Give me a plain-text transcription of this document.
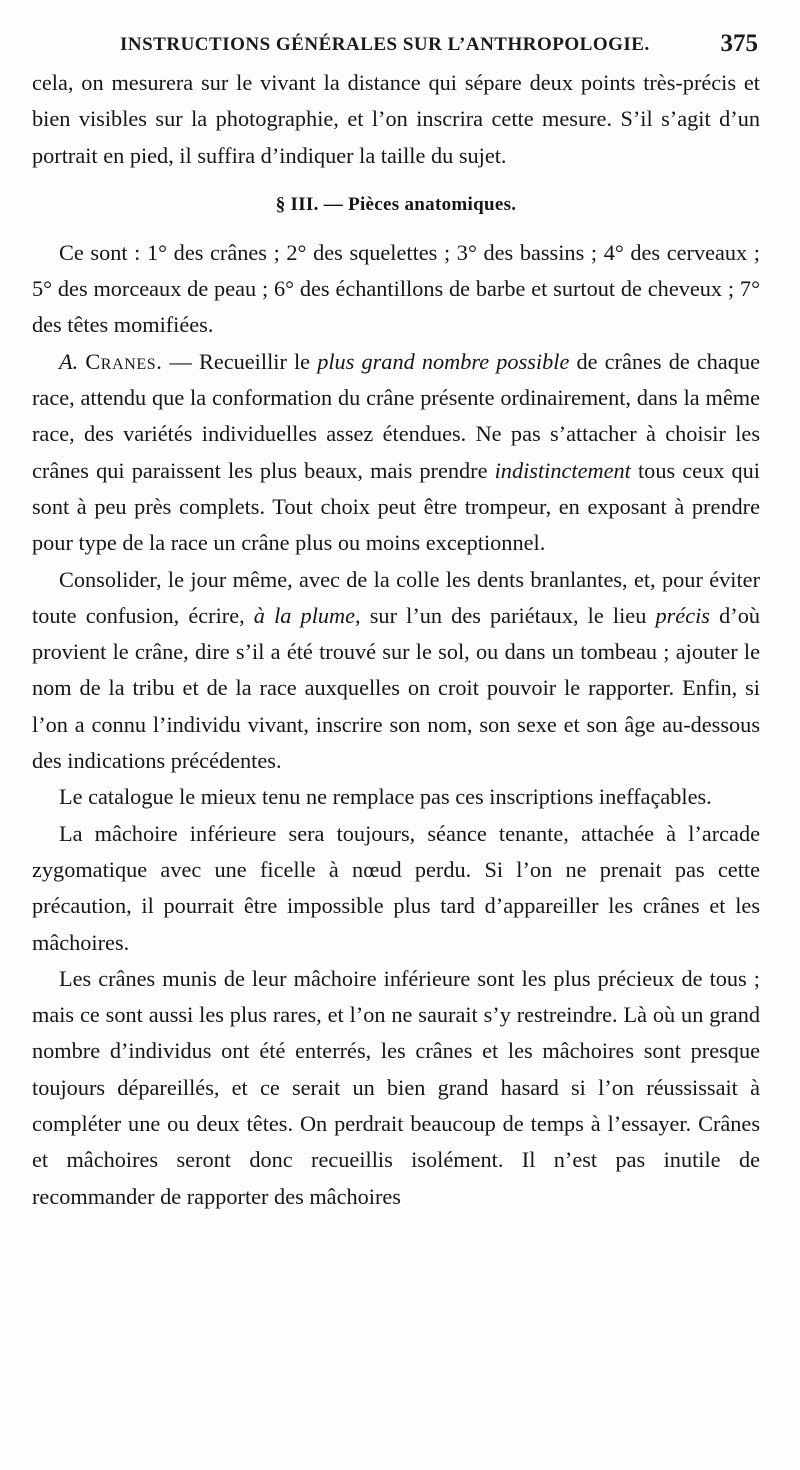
INSTRUCTIONS GÉNÉRALES SUR L’ANTHROPOLOGIE.	375

cela, on mesurera sur le vivant la distance qui sépare deux points très-précis et bien visibles sur la photographie, et l’on inscrira cette mesure. S’il s’agit d’un portrait en pied, il suffira d’indiquer la taille du sujet.

§ III. — Pièces anatomiques.

Ce sont : 1° des crânes ; 2° des squelettes ; 3° des bassins ; 4° des cerveaux ; 5° des morceaux de peau ; 6° des échantillons de barbe et surtout de cheveux ; 7° des têtes momifiées.

A. Cranes. — Recueillir le plus grand nombre possible de crânes de chaque race, attendu que la conformation du crâne présente ordinairement, dans la même race, des variétés individuelles assez étendues. Ne pas s’attacher à choisir les crânes qui paraissent les plus beaux, mais prendre indistinctement tous ceux qui sont à peu près complets. Tout choix peut être trompeur, en exposant à prendre pour type de la race un crâne plus ou moins exceptionnel.

Consolider, le jour même, avec de la colle les dents branlantes, et, pour éviter toute confusion, écrire, à la plume, sur l’un des pariétaux, le lieu précis d’où provient le crâne, dire s’il a été trouvé sur le sol, ou dans un tombeau ; ajouter le nom de la tribu et de la race auxquelles on croit pouvoir le rapporter. Enfin, si l’on a connu l’individu vivant, inscrire son nom, son sexe et son âge au-dessous des indications précédentes.

Le catalogue le mieux tenu ne remplace pas ces inscriptions ineffaçables.

La mâchoire inférieure sera toujours, séance tenante, attachée à l’arcade zygomatique avec une ficelle à nœud perdu. Si l’on ne prenait pas cette précaution, il pourrait être impossible plus tard d’appareiller les crânes et les mâchoires.

Les crânes munis de leur mâchoire inférieure sont les plus précieux de tous ; mais ce sont aussi les plus rares, et l’on ne saurait s’y restreindre. Là où un grand nombre d’individus ont été enterrés, les crânes et les mâchoires sont presque toujours dépareillés, et ce serait un bien grand hasard si l’on réussissait à compléter une ou deux têtes. On perdrait beaucoup de temps à l’essayer. Crânes et mâchoires seront donc recueillis isolément. Il n’est pas inutile de recommander de rapporter des mâchoires
